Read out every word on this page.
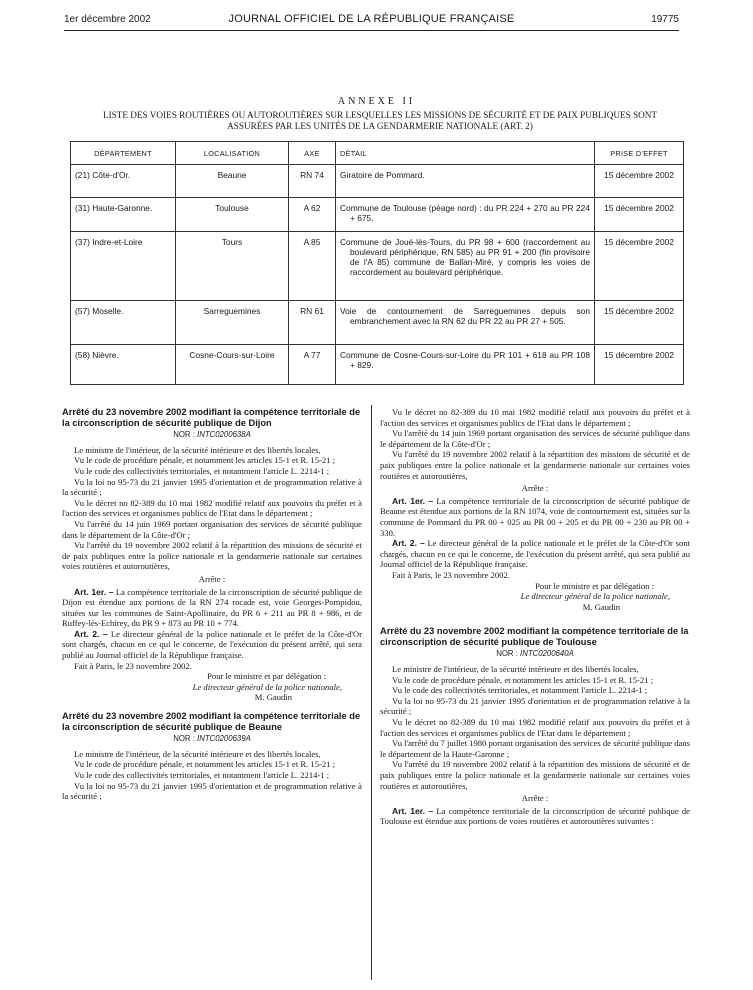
1er décembre 2002	JOURNAL OFFICIEL DE LA RÉPUBLIQUE FRANÇAISE	19775
ANNEXE II
LISTE DES VOIES ROUTIÈRES OU AUTOROUTIÈRES SUR LESQUELLES LES MISSIONS DE SÉCURITÉ ET DE PAIX PUBLIQUES SONT ASSURÉES PAR LES UNITÉS DE LA GENDARMERIE NATIONALE (ART. 2)
DÉPARTEMENT	LOCALISATION	AXE	DÉTAIL	PRISE D'EFFET
(21) Côte-d'Or.	Beaune	RN 74	Giratoire de Pommard.	15 décembre 2002
(31) Haute-Garonne.	Toulouse	A 62	Commune de Toulouse (péage nord) : du PR 224 + 270 au PR 224 + 675.	15 décembre 2002
(37) Indre-et-Loire	Tours	A 85	Commune de Joué-lès-Tours, du PR 98 + 600 (raccordement au boulevard périphérique, RN 585) au PR 91 + 200 (fin provisoire de l'A 85) commune de Ballan-Miré, y compris les voies de raccordement au boulevard périphérique.	15 décembre 2002
(57) Moselle.	Sarreguemines	RN 61	Voie de contournement de Sarreguemines depuis son embranchement avec la RN 62 du PR 22 au PR 27 + 505.	15 décembre 2002
(58) Nièvre.	Cosne-Cours-sur-Loire	A 77	Commune de Cosne-Cours-sur-Loire du PR 101 + 618 au PR 108 + 829.	15 décembre 2002
Arrêté du 23 novembre 2002 modifiant la compétence territoriale de la circonscription de sécurité publique de Dijon
NOR : INTC0200638A

Le ministre de l'intérieur, de la sécurité intérieure et des libertés locales,

Vu le code de procédure pénale, et notamment les articles 15-1 et R. 15-21 ;

Vu le code des collectivités territoriales, et notamment l'article L. 2214-1 ;

Vu la loi no 95-73 du 21 janvier 1995 d'orientation et de programmation relative à la sécurité ;

Vu le décret no 82-389 du 10 mai 1982 modifié relatif aux pouvoirs du préfet et à l'action des services et organismes publics de l'Etat dans le département ;

Vu l'arrêté du 14 juin 1969 portant organisation des services de sécurité publique dans le département de la Côte-d'Or ;

Vu l'arrêté du 19 novembre 2002 relatif à la répartition des missions de sécurité et de paix publiques entre la police nationale et la gendarmerie nationale sur certaines voies routières et autoroutières,

Arrête :

Art. 1er. – La compétence territoriale de la circonscription de sécurité publique de Dijon est étendue aux portions de la RN 274 rocade est, voie Georges-Pompidou, situées sur les communes de Saint-Apollinaire, du PR 6 + 211 au PR 8 + 986, et de Ruffey-lès-Echirey, du PR 9 + 873 au PR 10 + 774.

Art. 2. – Le directeur général de la police nationale et le préfet de la Côte-d'Or sont chargés, chacun en ce qui le concerne, de l'exécution du présent arrêté, qui sera publié au Journal officiel de la République française.

Fait à Paris, le 23 novembre 2002.

Pour le ministre et par délégation :

Le directeur général de la police nationale,

M. Gaudin

Arrêté du 23 novembre 2002 modifiant la compétence territoriale de la circonscription de sécurité publique de Beaune
NOR : INTC0200639A

Le ministre de l'intérieur, de la sécurité intérieure et des libertés locales,

Vu le code de procédure pénale, et notamment les articles 15-1 et R. 15-21 ;

Vu le code des collectivités territoriales, et notamment l'article L. 2214-1 ;

Vu la loi no 95-73 du 21 janvier 1995 d'orientation et de programmation relative à la sécurité ;

Vu le décret no 82-389 du 10 mai 1982 modifié relatif aux pouvoirs du préfet et à l'action des services et organismes publics de l'Etat dans le département ;

Vu l'arrêté du 14 juin 1969 portant organisation des services de sécurité publique dans le département de la Côte-d'Or ;

Vu l'arrêté du 19 novembre 2002 relatif à la répartition des missions de sécurité et de paix publiques entre la police nationale et la gendarmerie nationale sur certaines voies routières et autoroutières,

Arrête :

Art. 1er. – La compétence territoriale de la circonscription de sécurité publique de Beaune est étendue aux portions de la RN 1074, voie de contournement est, situées sur la commune de Pommard du PR 00 + 025 au PR 00 + 205 et du PR 00 + 230 au PR 00 + 330.

Art. 2. – Le directeur général de la police nationale et le préfet de la Côte-d'Or sont chargés, chacun en ce qui le concerne, de l'exécution du présent arrêté, qui sera publié au Journal officiel de la République française.

Fait à Paris, le 23 novembre 2002.

Pour le ministre et par délégation :

Le directeur général de la police nationale,

M. Gaudin

Arrêté du 23 novembre 2002 modifiant la compétence territoriale de la circonscription de sécurité publique de Toulouse
NOR : INTC0200640A

Le ministre de l'intérieur, de la sécurité intérieure et des libertés locales,

Vu le code de procédure pénale, et notamment les articles 15-1 et R. 15-21 ;

Vu le code des collectivités territoriales, et notamment l'article L. 2214-1 ;

Vu la loi no 95-73 du 21 janvier 1995 d'orientation et de programmation relative à la sécurité ;

Vu le décret no 82-389 du 10 mai 1982 modifié relatif aux pouvoirs du préfet et à l'action des services et organismes publics de l'Etat dans le département ;

Vu l'arrêté du 7 juillet 1980 portant organisation des services de sécurité publique dans le département de la Haute-Garonne ;

Vu l'arrêté du 19 novembre 2002 relatif à la répartition des missions de sécurité et de paix publiques entre la police nationale et la gendarmerie nationale sur certaines voies routières et autoroutières,

Arrête :

Art. 1er. – La compétence territoriale de la circonscription de sécurité publique de Toulouse est étendue aux portions de voies routières et autoroutières suivantes :
